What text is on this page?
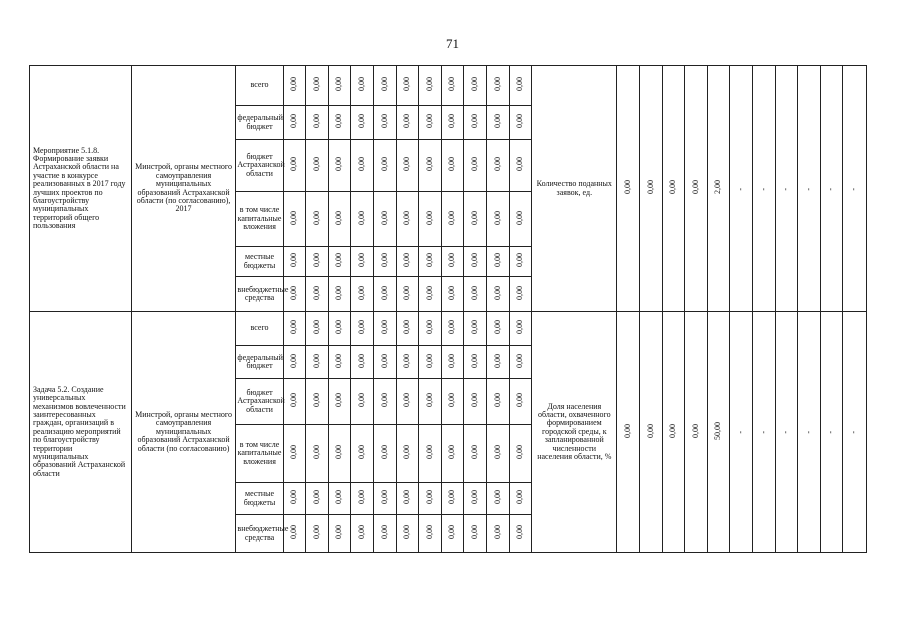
71
Мероприятие 5.1.8. Формирование заявки Астраханской области на участие в конкурсе реализованных в 2017 году лучших проектов по благоустройству муниципальных территорий общего пользования	Минстрой, органы местного самоуправления муниципальных образований Астраханской области (по согласованию), 2017	всего	0,00	0,00	0,00	0,00	0,00	0,00	0,00	0,00	0,00	0,00	0,00	Количество поданных заявок, ед.	0,00	0,00	0,00	0,00	2,00	-	-	-	-	-	-
		федеральный бюджет	0,00	0,00	0,00	0,00	0,00	0,00	0,00	0,00	0,00	0,00	0,00												
		бюджет Астраханской области	0,00	0,00	0,00	0,00	0,00	0,00	0,00	0,00	0,00	0,00	0,00												
		в том числе капитальные вложения	0,00	0,00	0,00	0,00	0,00	0,00	0,00	0,00	0,00	0,00	0,00												
		местные бюджеты	0,00	0,00	0,00	0,00	0,00	0,00	0,00	0,00	0,00	0,00	0,00												
		внебюджетные средства	0,00	0,00	0,00	0,00	0,00	0,00	0,00	0,00	0,00	0,00	0,00												
Задача 5.2. Создание универсальных механизмов вовлеченности заинтересованных граждан, организаций в реализацию мероприятий по благоустройству территории муниципальных образований Астраханской области	Минстрой, органы местного самоуправления муниципальных образований Астраханской области (по согласованию)	всего	0,00	0,00	0,00	0,00	0,00	0,00	0,00	0,00	0,00	0,00	0,00	Доля населения области, охваченного формированием городской среды, к запланированной численности населения области, %	0,00	0,00	0,00	0,00	50,00	-	-	-	-	-	-
		федеральный бюджет	0,00	0,00	0,00	0,00	0,00	0,00	0,00	0,00	0,00	0,00	0,00												
		бюджет Астраханской области	0,00	0,00	0,00	0,00	0,00	0,00	0,00	0,00	0,00	0,00	0,00												
		в том числе капитальные вложения	0,00	0,00	0,00	0,00	0,00	0,00	0,00	0,00	0,00	0,00	0,00												
		местные бюджеты	0,00	0,00	0,00	0,00	0,00	0,00	0,00	0,00	0,00	0,00	0,00												
		внебюджетные средства	0,00	0,00	0,00	0,00	0,00	0,00	0,00	0,00	0,00	0,00	0,00												
